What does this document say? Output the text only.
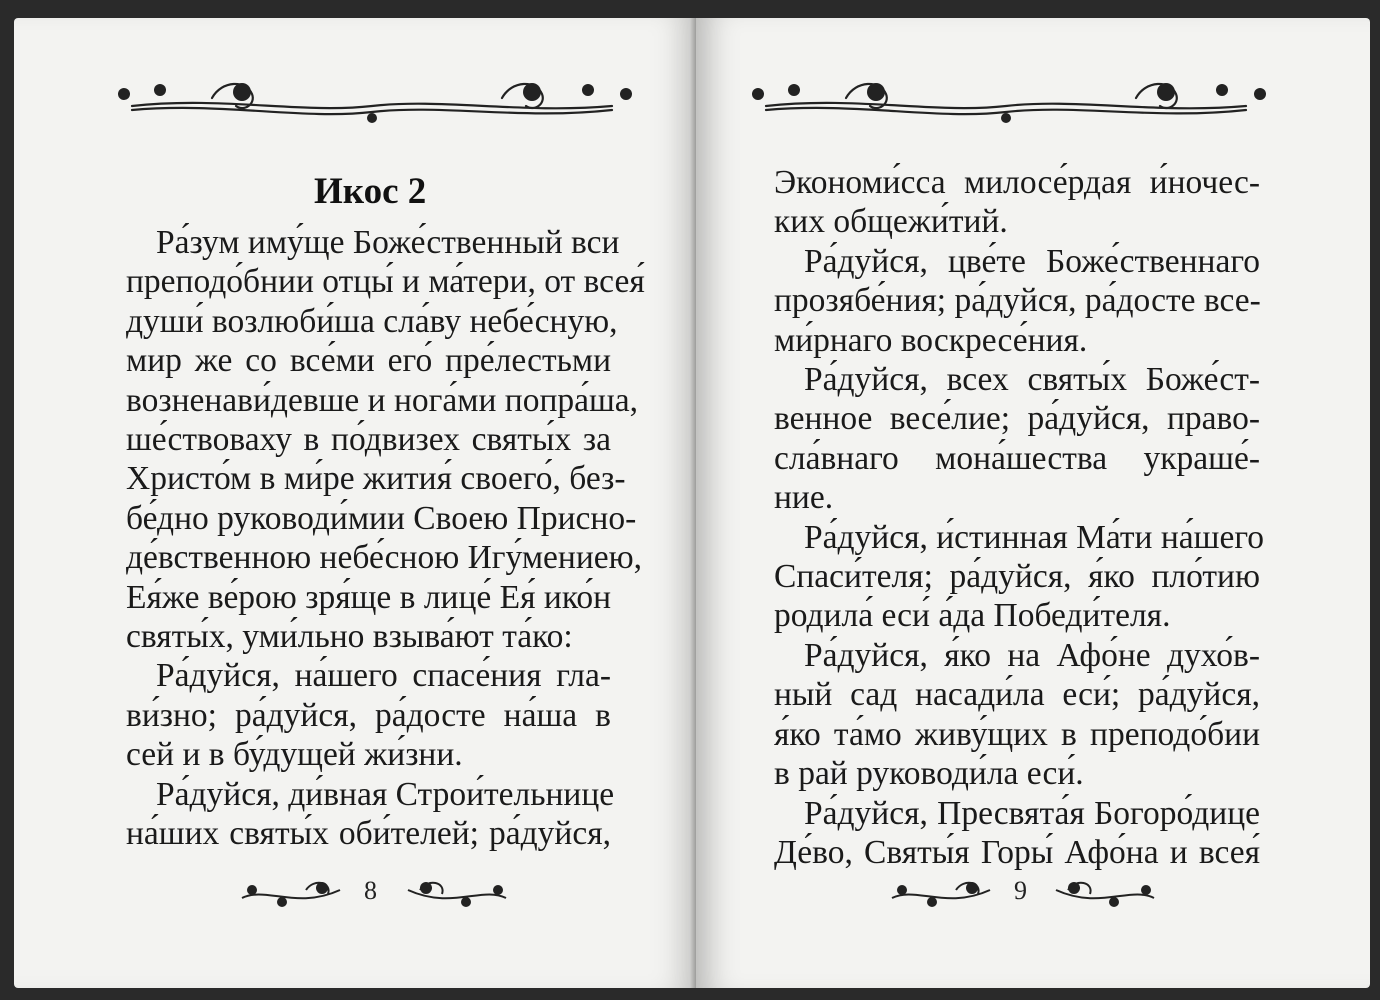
Икос 2
Ра́зум иму́ще Боже́ственный вси
преподо́бнии отцы́ и ма́тери, от всея́
души́ возлюби́ша сла́ву небе́сную,
мир же со все́ми его́ пре́лестьми
возненави́девше и нога́ми попра́ша,
ше́ствоваху в по́двизех святы́х за
Христо́м в ми́ре жития́ своего́, без-
бе́дно руководи́мии Своею Присно-
де́вственною небе́сною Игу́мениею,
Ея́же ве́рою зря́ще в лице́ Ея́ ико́н
святы́х, уми́льно взыва́ют та́ко:
Ра́дуйся, на́шего спасе́ния гла-
ви́зно; ра́дуйся, ра́досте на́ша в
сей и в бу́дущей жи́зни.
Ра́дуйся, ди́вная Строи́тельнице
на́ших святы́х оби́телей; ра́дуйся,
8
Экономи́сса милосе́рдая и́ночес-
ких общежи́тий.
Ра́дуйся, цве́те Боже́ственнаго
прозябе́ния; ра́дуйся, ра́досте все-
ми́рнаго воскресе́ния.
Ра́дуйся, всех святы́х Боже́ст-
венное весе́лие; ра́дуйся, право-
сла́внаго мона́шества украше́-
ние.
Ра́дуйся, и́стинная Ма́ти на́шего
Спаси́теля; ра́дуйся, я́ко пло́тию
родила́ еси́ а́да Победи́теля.
Ра́дуйся, я́ко на Афо́не духо́в-
ный сад насади́ла еси́; ра́дуйся,
я́ко та́мо живу́щих в преподо́бии
в рай руководи́ла еси́.
Ра́дуйся, Пресвята́я Богоро́дице
Де́во, Святы́я Горы́ Афо́на и всея́
9
